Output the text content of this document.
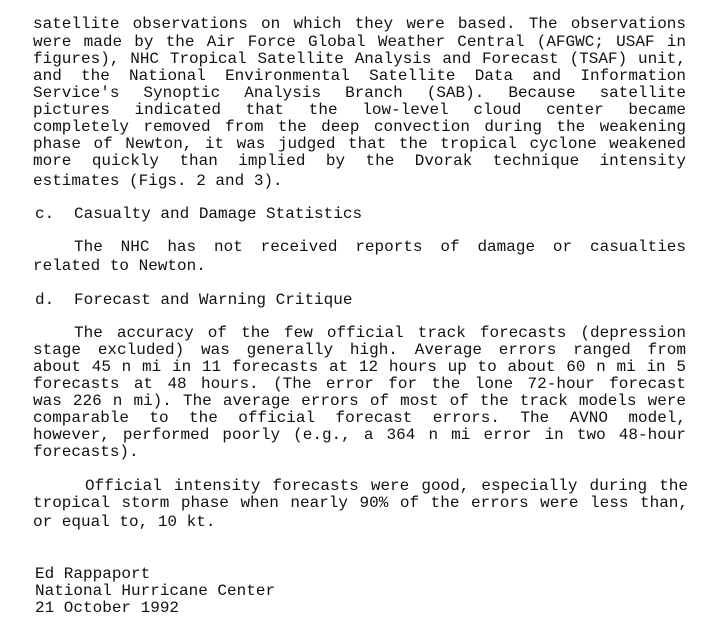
satellite observations on which they were based. The observations
were made by the Air Force Global Weather Central (AFGWC; USAF in
figures), NHC Tropical Satellite Analysis and Forecast (TSAF) unit,
and the National Environmental Satellite Data and Information
Service's Synoptic Analysis Branch (SAB). Because satellite
pictures indicated that the low-level cloud center became
completely removed from the deep convection during the weakening
phase of Newton, it was judged that the tropical cyclone weakened
more quickly than implied by the Dvorak technique intensity
estimates (Figs. 2 and 3).
c. Casualty and Damage Statistics
The NHC has not received reports of damage or casualties
related to Newton.
d. Forecast and Warning Critique
The accuracy of the few official track forecasts (depression
stage excluded) was generally high. Average errors ranged from
about 45 n mi in 11 forecasts at 12 hours up to about 60 n mi in 5
forecasts at 48 hours. (The error for the lone 72-hour forecast
was 226 n mi). The average errors of most of the track models were
comparable to the official forecast errors. The AVNO model,
however, performed poorly (e.g., a 364 n mi error in two 48-hour
forecasts).
Official intensity forecasts were good, especially during the
tropical storm phase when nearly 90% of the errors were less than,
or equal to, 10 kt.
Ed Rappaport
National Hurricane Center
21 October 1992
